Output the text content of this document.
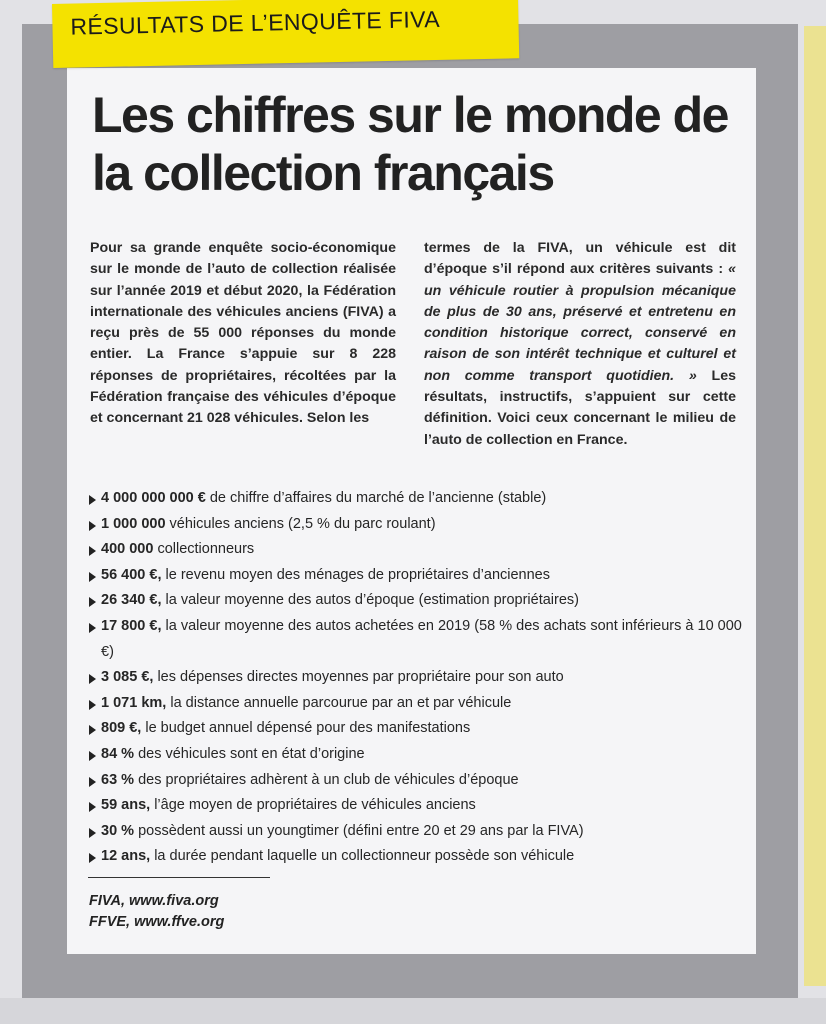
RÉSULTATS DE L’ENQUÊTE FIVA
Les chiffres sur le monde de la collection français
Pour sa grande enquête socio-économique sur le monde de l’auto de collection réalisée sur l’année 2019 et début 2020, la Fédération internationale des véhicules anciens (FIVA) a reçu près de 55 000 réponses du monde entier. La France s’appuie sur 8 228 réponses de propriétaires, récoltées par la Fédération française des véhicules d’époque et concernant 21 028 véhicules. Selon les
termes de la FIVA, un véhicule est dit d’époque s’il répond aux critères suivants : « un véhicule routier à propulsion mécanique de plus de 30 ans, préservé et entretenu en condition historique correct, conservé en raison de son intérêt technique et culturel et non comme transport quotidien. » Les résultats, instructifs, s’appuient sur cette définition. Voici ceux concernant le milieu de l’auto de collection en France.
4 000 000 000 € de chiffre d’affaires du marché de l’ancienne (stable)
1 000 000 véhicules anciens (2,5 % du parc roulant)
400 000 collectionneurs
56 400 €, le revenu moyen des ménages de propriétaires d’anciennes
26 340 €, la valeur moyenne des autos d’époque (estimation propriétaires)
17 800 €, la valeur moyenne des autos achetées en 2019 (58 % des achats sont inférieurs à 10 000 €)
3 085 €, les dépenses directes moyennes par propriétaire pour son auto
1 071 km, la distance annuelle parcourue par an et par véhicule
809 €, le budget annuel dépensé pour des manifestations
84 % des véhicules sont en état d’origine
63 % des propriétaires adhèrent à un club de véhicules d’époque
59 ans, l’âge moyen de propriétaires de véhicules anciens
30 % possèdent aussi un youngtimer (défini entre 20 et 29 ans par la FIVA)
12 ans, la durée pendant laquelle un collectionneur possède son véhicule
FIVA, www.fiva.org
FFVE, www.ffve.org
